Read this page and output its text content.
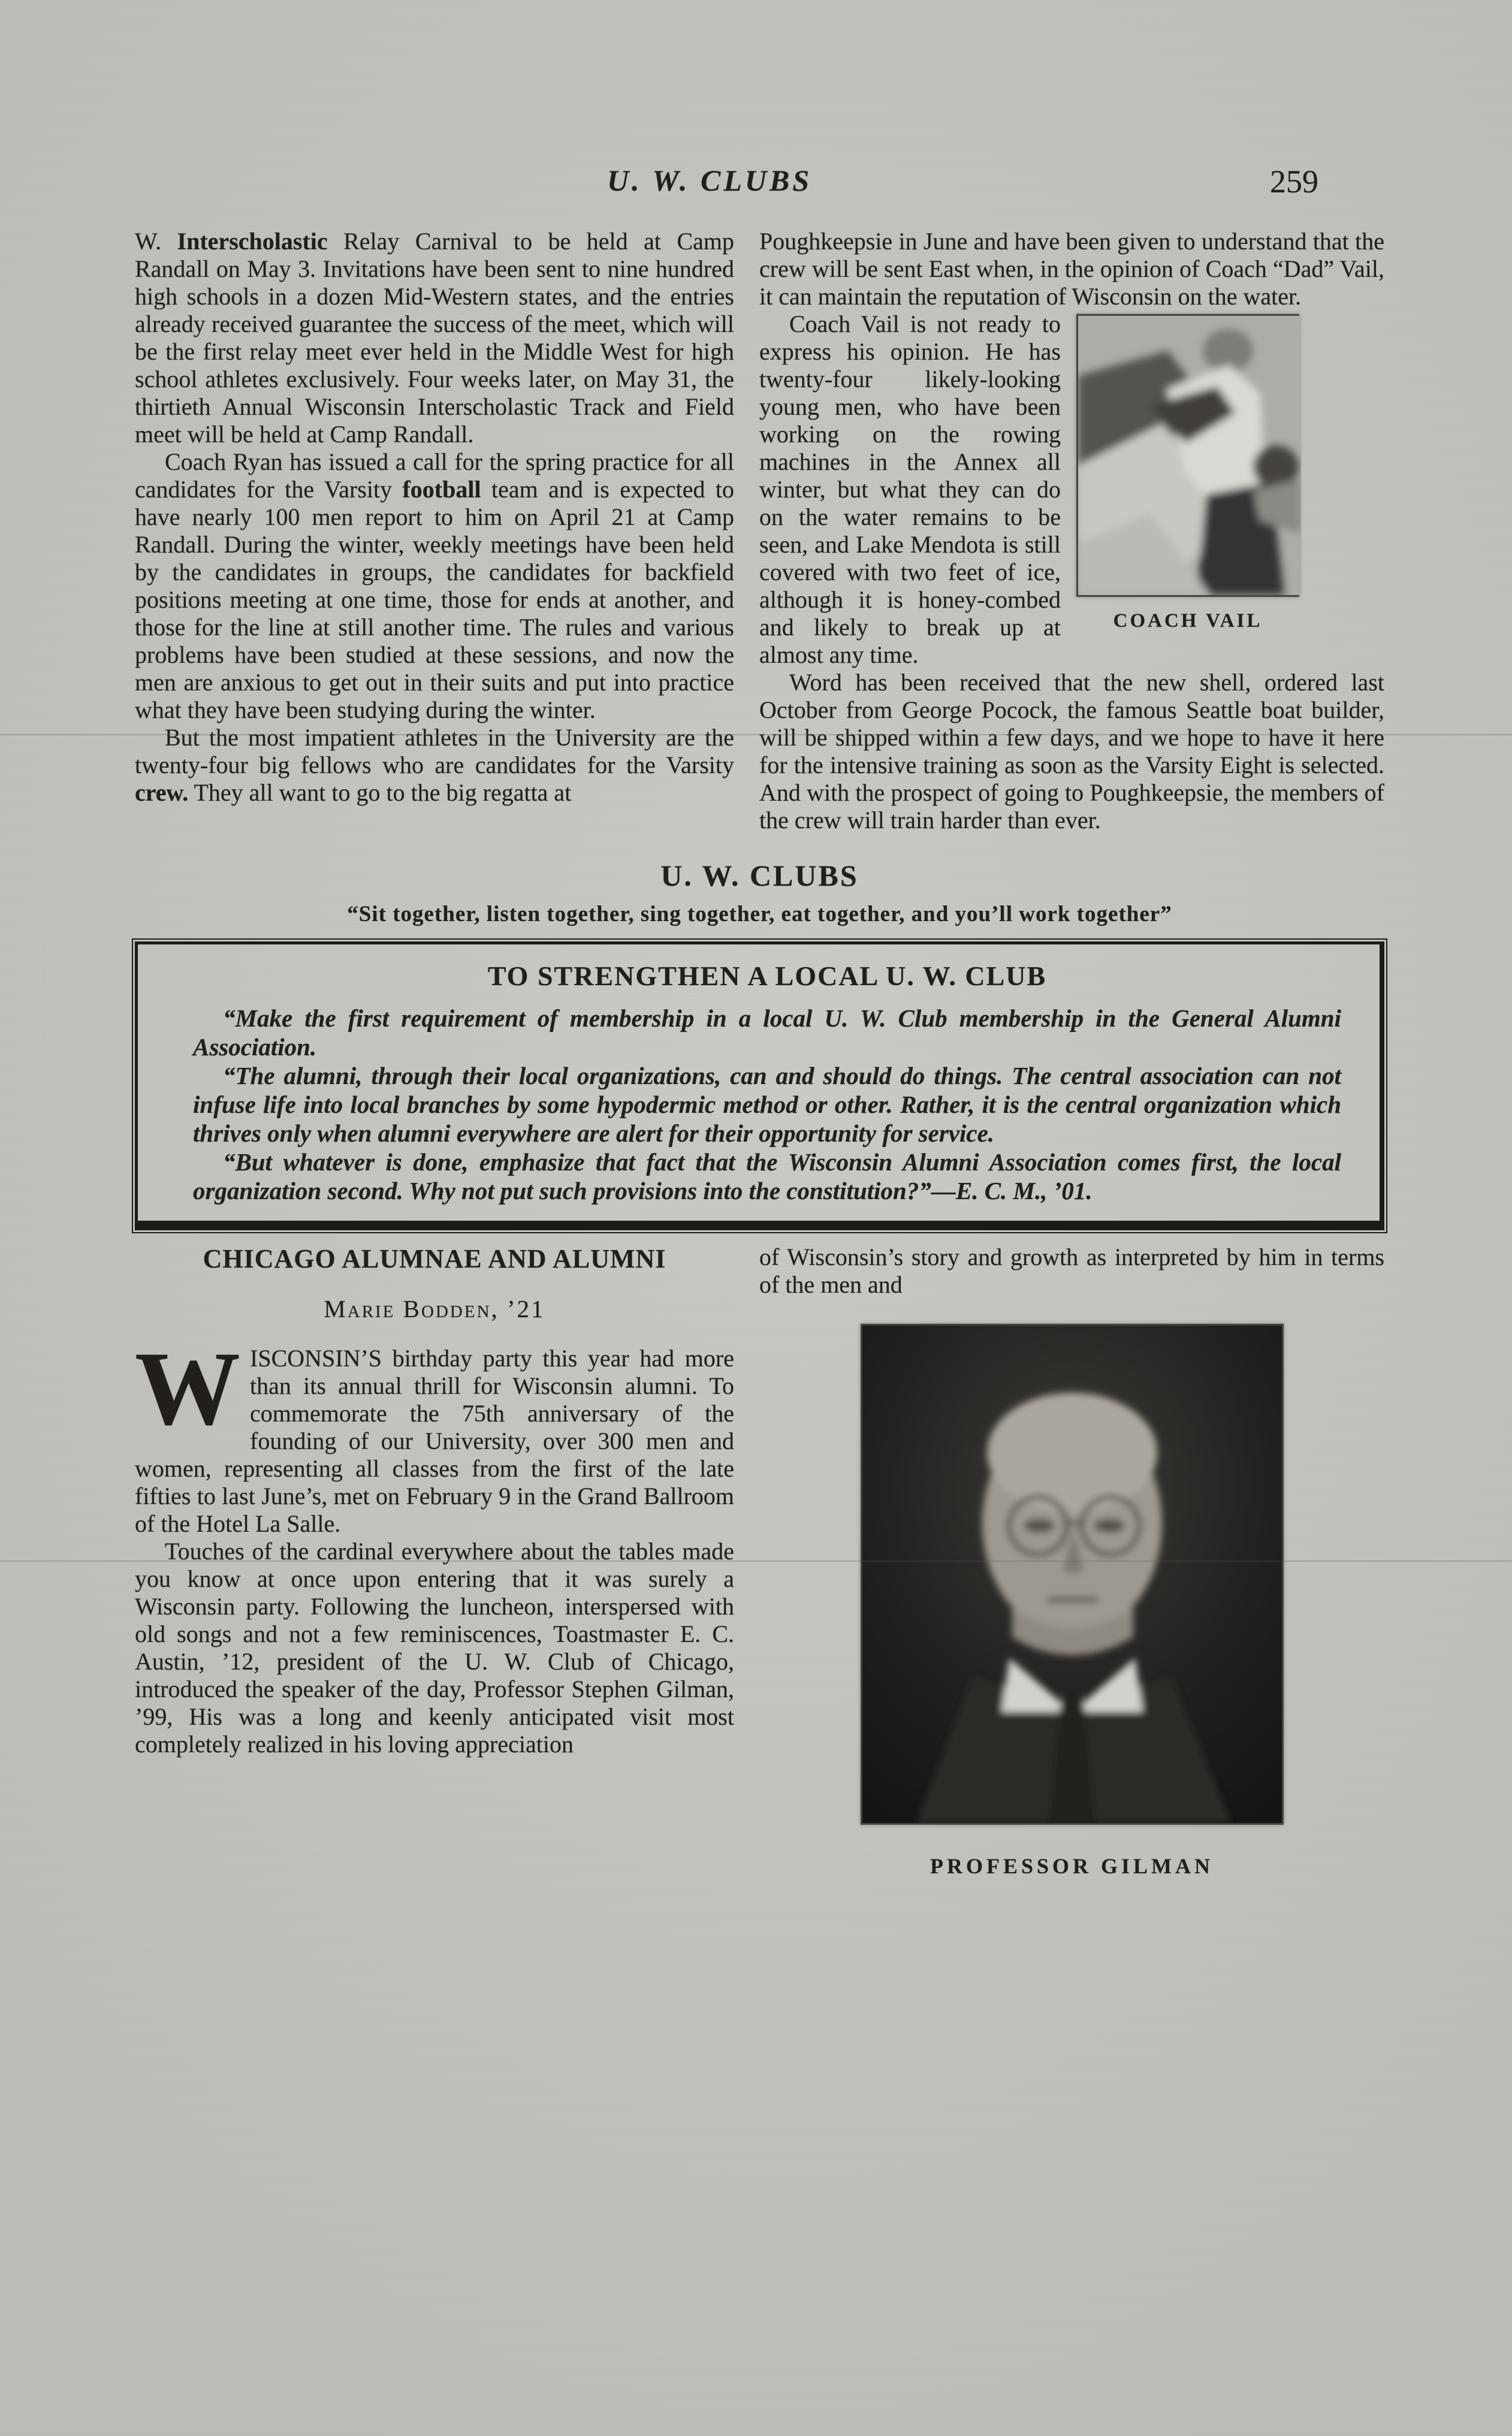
U. W. CLUBS	259

W. Interscholastic Relay Carnival to be held at Camp Randall on May 3. Invitations have been sent to nine hundred high schools in a dozen Mid-Western states, and the entries already received guarantee the success of the meet, which will be the first relay meet ever held in the Middle West for high school athletes exclusively. Four weeks later, on May 31, the thirtieth Annual Wisconsin Interscholastic Track and Field meet will be held at Camp Randall.

Coach Ryan has issued a call for the spring practice for all candidates for the Varsity football team and is expected to have nearly 100 men report to him on April 21 at Camp Randall. During the winter, weekly meetings have been held by the candidates in groups, the candidates for backfield positions meeting at one time, those for ends at another, and those for the line at still another time. The rules and various problems have been studied at these sessions, and now the men are anxious to get out in their suits and put into practice what they have been studying during the winter.

But the most impatient athletes in the University are the twenty-four big fellows who are candidates for the Varsity crew. They all want to go to the big regatta at

Poughkeepsie in June and have been given to understand that the crew will be sent East when, in the opinion of Coach “Dad” Vail, it can maintain the reputation of Wisconsin on the water.

COACH VAIL

Coach Vail is not ready to express his opinion. He has twenty-four likely-looking young men, who have been working on the rowing machines in the Annex all winter, but what they can do on the water remains to be seen, and Lake Mendota is still covered with two feet of ice, although it is honey-combed and likely to break up at almost any time.

Word has been received that the new shell, ordered last October from George Pocock, the famous Seattle boat builder, will be shipped within a few days, and we hope to have it here for the intensive training as soon as the Varsity Eight is selected. And with the prospect of going to Poughkeepsie, the members of the crew will train harder than ever.

U. W. CLUBS
“Sit together, listen together, sing together, eat together, and you’ll work together”
TO STRENGTHEN A LOCAL U. W. CLUB

“Make the first requirement of membership in a local U. W. Club membership in the General Alumni Association.

“The alumni, through their local organizations, can and should do things. The central association can not infuse life into local branches by some hypodermic method or other. Rather, it is the central organization which thrives only when alumni everywhere are alert for their opportunity for service.

“But whatever is done, emphasize that fact that the Wisconsin Alumni Association comes first, the local organization second. Why not put such provisions into the constitution?”—E. C. M., ’01.

CHICAGO ALUMNAE AND ALUMNI
Marie Bodden, ’21

WISCONSIN’S birthday party this year had more than its annual thrill for Wisconsin alumni. To commemorate the 75th anniversary of the founding of our University, over 300 men and women, representing all classes from the first of the late fifties to last June’s, met on February 9 in the Grand Ballroom of the Hotel La Salle.

Touches of the cardinal everywhere about the tables made you know at once upon entering that it was surely a Wisconsin party. Following the luncheon, interspersed with old songs and not a few reminiscences, Toastmaster E. C. Austin, ’12, president of the U. W. Club of Chicago, introduced the speaker of the day, Professor Stephen Gilman, ’99, His was a long and keenly anticipated visit most completely realized in his loving appreciation

of Wisconsin’s story and growth as interpreted by him in terms of the men and

PROFESSOR GILMAN
